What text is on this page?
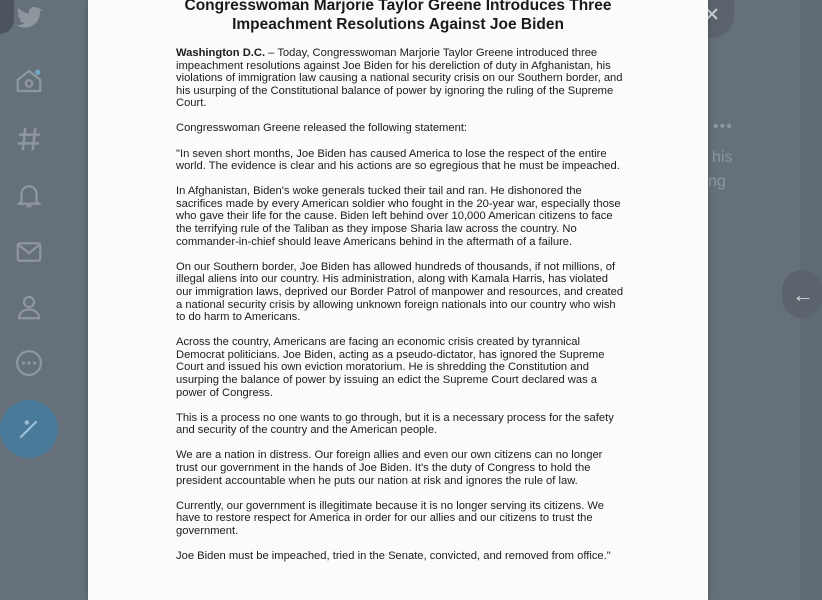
•••
his
ng
←
Congresswoman Marjorie Taylor Greene Introduces Three
Impeachment Resolutions Against Joe Biden

Washington D.C. – Today, Congresswoman Marjorie Taylor Greene introduced three impeachment resolutions against Joe Biden for his dereliction of duty in Afghanistan, his violations of immigration law causing a national security crisis on our Southern border, and his usurping of the Constitutional balance of power by ignoring the ruling of the Supreme Court.

Congresswoman Greene released the following statement:

"In seven short months, Joe Biden has caused America to lose the respect of the entire world. The evidence is clear and his actions are so egregious that he must be impeached.

In Afghanistan, Biden's woke generals tucked their tail and ran. He dishonored the sacrifices made by every American soldier who fought in the 20-year war, especially those who gave their life for the cause. Biden left behind over 10,000 American citizens to face the terrifying rule of the Taliban as they impose Sharia law across the country. No commander-in-chief should leave Americans behind in the aftermath of a failure.

On our Southern border, Joe Biden has allowed hundreds of thousands, if not millions, of illegal aliens into our country. His administration, along with Kamala Harris, has violated our immigration laws, deprived our Border Patrol of manpower and resources, and created a national security crisis by allowing unknown foreign nationals into our country who wish to do harm to Americans.

Across the country, Americans are facing an economic crisis created by tyrannical Democrat politicians. Joe Biden, acting as a pseudo-dictator, has ignored the Supreme Court and issued his own eviction moratorium. He is shredding the Constitution and usurping the balance of power by issuing an edict the Supreme Court declared was a power of Congress.

This is a process no one wants to go through, but it is a necessary process for the safety and security of the country and the American people.

We are a nation in distress. Our foreign allies and even our own citizens can no longer trust our government in the hands of Joe Biden. It's the duty of Congress to hold the president accountable when he puts our nation at risk and ignores the rule of law.

Currently, our government is illegitimate because it is no longer serving its citizens. We have to restore respect for America in order for our allies and our citizens to trust the government.

Joe Biden must be impeached, tried in the Senate, convicted, and removed from office."
